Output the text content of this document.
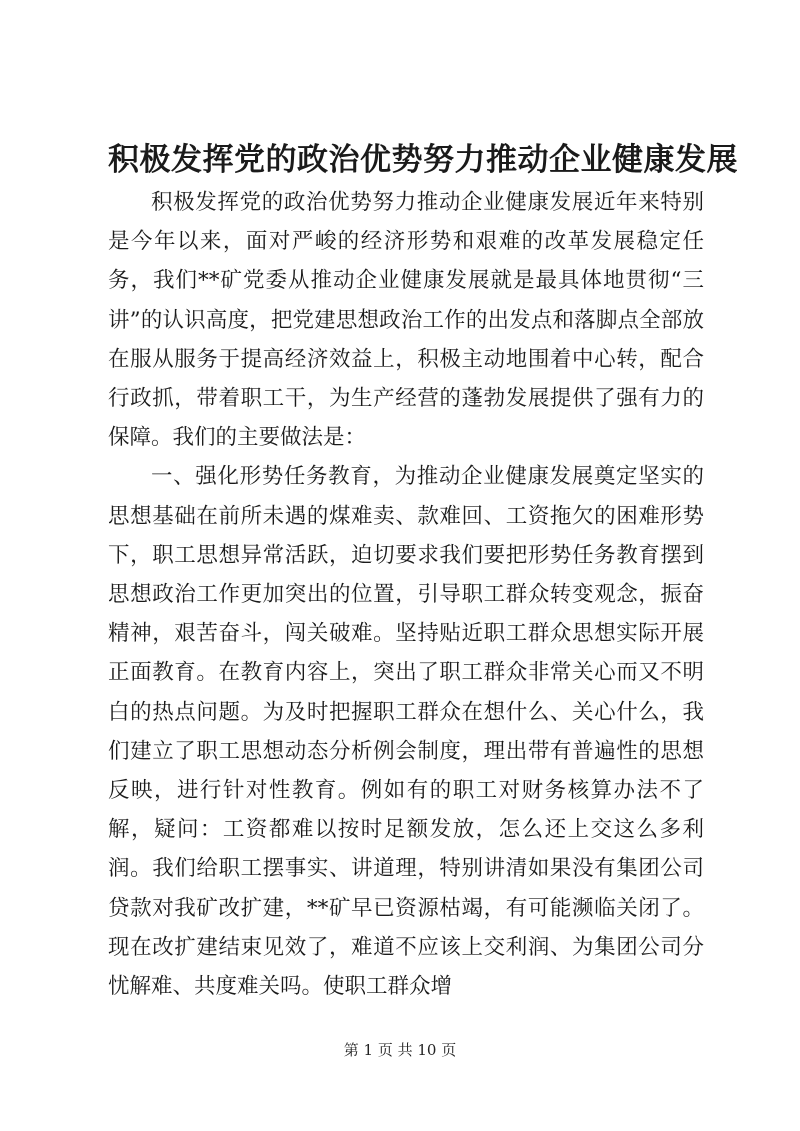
积极发挥党的政治优势努力推动企业健康发展

积极发挥党的政治优势努力推动企业健康发展近年来特别是今年以来，面对严峻的经济形势和艰难的改革发展稳定任务，我们**矿党委从推动企业健康发展就是最具体地贯彻“三讲”的认识高度，把党建思想政治工作的出发点和落脚点全部放在服从服务于提高经济效益上，积极主动地围着中心转，配合行政抓，带着职工干，为生产经营的蓬勃发展提供了强有力的保障。我们的主要做法是：

一、强化形势任务教育，为推动企业健康发展奠定坚实的思想基础在前所未遇的煤难卖、款难回、工资拖欠的困难形势下，职工思想异常活跃，迫切要求我们要把形势任务教育摆到思想政治工作更加突出的位置，引导职工群众转变观念，振奋精神，艰苦奋斗，闯关破难。坚持贴近职工群众思想实际开展正面教育。在教育内容上，突出了职工群众非常关心而又不明白的热点问题。为及时把握职工群众在想什么、关心什么，我们建立了职工思想动态分析例会制度，理出带有普遍性的思想反映，进行针对性教育。例如有的职工对财务核算办法不了解，疑问：工资都难以按时足额发放，怎么还上交这么多利润。我们给职工摆事实、讲道理，特别讲清如果没有集团公司贷款对我矿改扩建，**矿早已资源枯竭，有可能濒临关闭了。现在改扩建结束见效了，难道不应该上交利润、为集团公司分忧解难、共度难关吗。使职工群众增

第 1 页 共 10 页
